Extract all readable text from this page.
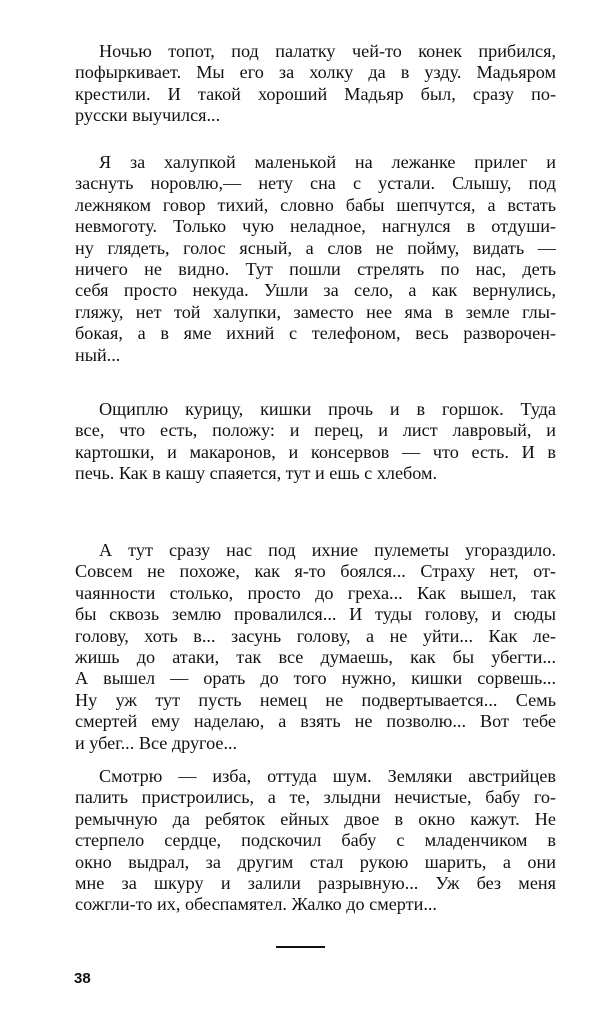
Ночью топот, под палатку чей-то конек прибился,
пофыркивает. Мы его за холку да в узду. Мадьяром
крестили. И такой хороший Мадьяр был, сразу по-
русски выучился...
Я за халупкой маленькой на лежанке прилег и
заснуть норовлю,— нету сна с устали. Слышу, под
лежняком говор тихий, словно бабы шепчутся, а встать
невмоготу. Только чую неладное, нагнулся в отдуши-
ну глядеть, голос ясный, а слов не пойму, видать —
ничего не видно. Тут пошли стрелять по нас, деть
себя просто некуда. Ушли за село, а как вернулись,
гляжу, нет той халупки, заместо нее яма в земле глы-
бокая, а в яме ихний с телефоном, весь разворочен-
ный...
Ощиплю курицу, кишки прочь и в горшок. Туда
все, что есть, положу: и перец, и лист лавровый, и
картошки, и макаронов, и консервов — что есть. И в
печь. Как в кашу спаяется, тут и ешь с хлебом.
А тут сразу нас под ихние пулеметы угораздило.
Совсем не похоже, как я-то боялся... Страху нет, от-
чаянности столько, просто до греха... Как вышел, так
бы сквозь землю провалился... И туды голову, и сюды
голову, хоть в... засунь голову, а не уйти... Как ле-
жишь до атаки, так все думаешь, как бы убегти...
А вышел — орать до того нужно, кишки сорвешь...
Ну уж тут пусть немец не подвертывается... Семь
смертей ему наделаю, а взять не позволю... Вот тебе
и убег... Все другое...
Смотрю — изба, оттуда шум. Земляки австрийцев
палить пристроились, а те, злыдни нечистые, бабу го-
ремычную да ребяток ейных двое в окно кажут. Не
стерпело сердце, подскочил бабу с младенчиком в
окно выдрал, за другим стал рукою шарить, а они
мне за шкуру и залили разрывную... Уж без меня
сожгли-то их, обеспамятел. Жалко до смерти...
38
